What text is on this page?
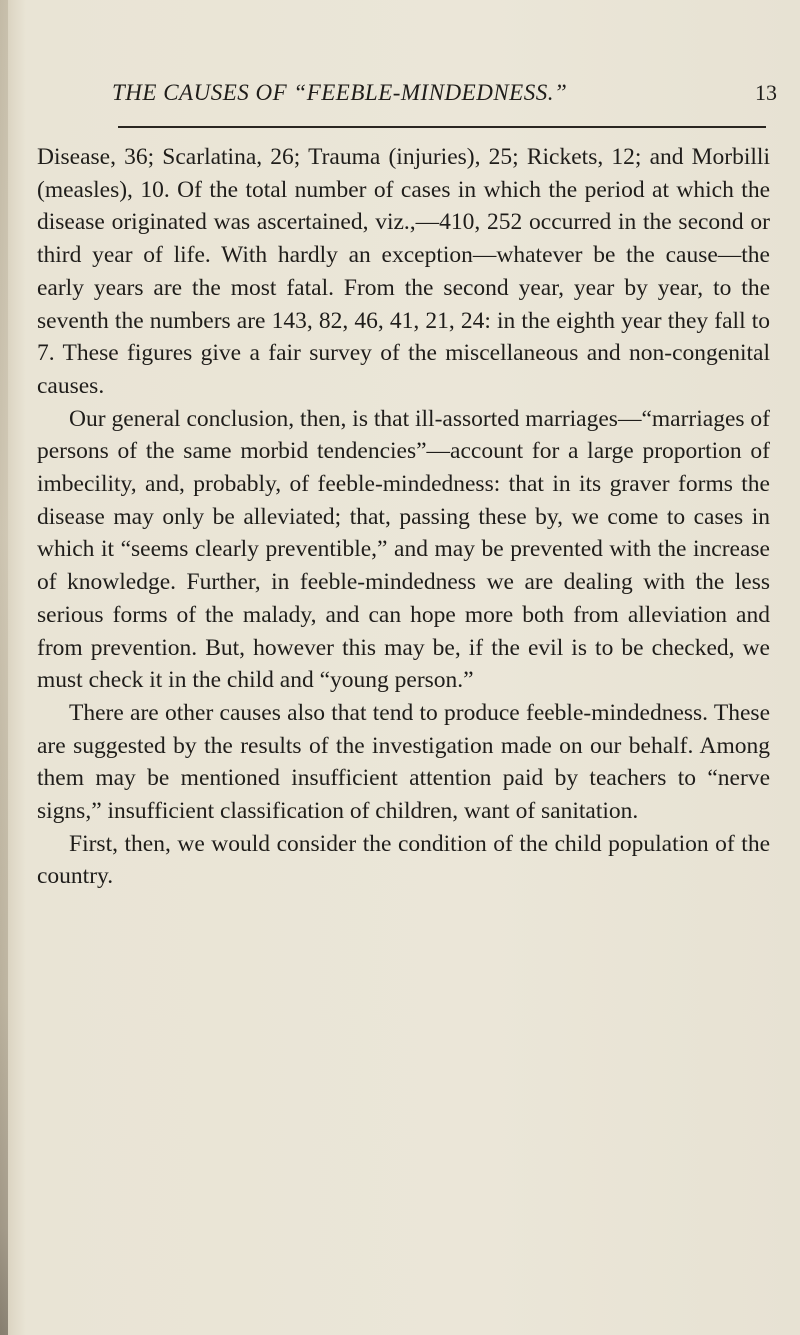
THE CAUSES OF “FEEBLE-MINDEDNESS.”	13

Disease, 36; Scarlatina, 26; Trauma (injuries), 25; Rickets, 12; and Morbilli (measles), 10. Of the total number of cases in which the period at which the disease originated was ascertained, viz.,—410, 252 occurred in the second or third year of life. With hardly an exception—whatever be the cause—the early years are the most fatal. From the second year, year by year, to the seventh the numbers are 143, 82, 46, 41, 21, 24: in the eighth year they fall to 7. These figures give a fair survey of the miscellaneous and non-congenital causes.

Our general conclusion, then, is that ill-assorted marriages—“marriages of persons of the same morbid tendencies”—account for a large proportion of imbecility, and, probably, of feeble-mindedness: that in its graver forms the disease may only be alleviated; that, passing these by, we come to cases in which it “seems clearly preventible,” and may be prevented with the increase of knowledge. Further, in feeble-mindedness we are dealing with the less serious forms of the malady, and can hope more both from alleviation and from prevention. But, however this may be, if the evil is to be checked, we must check it in the child and “young person.”

There are other causes also that tend to produce feeble-mindedness. These are suggested by the results of the investigation made on our behalf. Among them may be mentioned insufficient attention paid by teachers to “nerve signs,” insufficient classification of children, want of sanitation.

First, then, we would consider the condition of the child population of the country.
